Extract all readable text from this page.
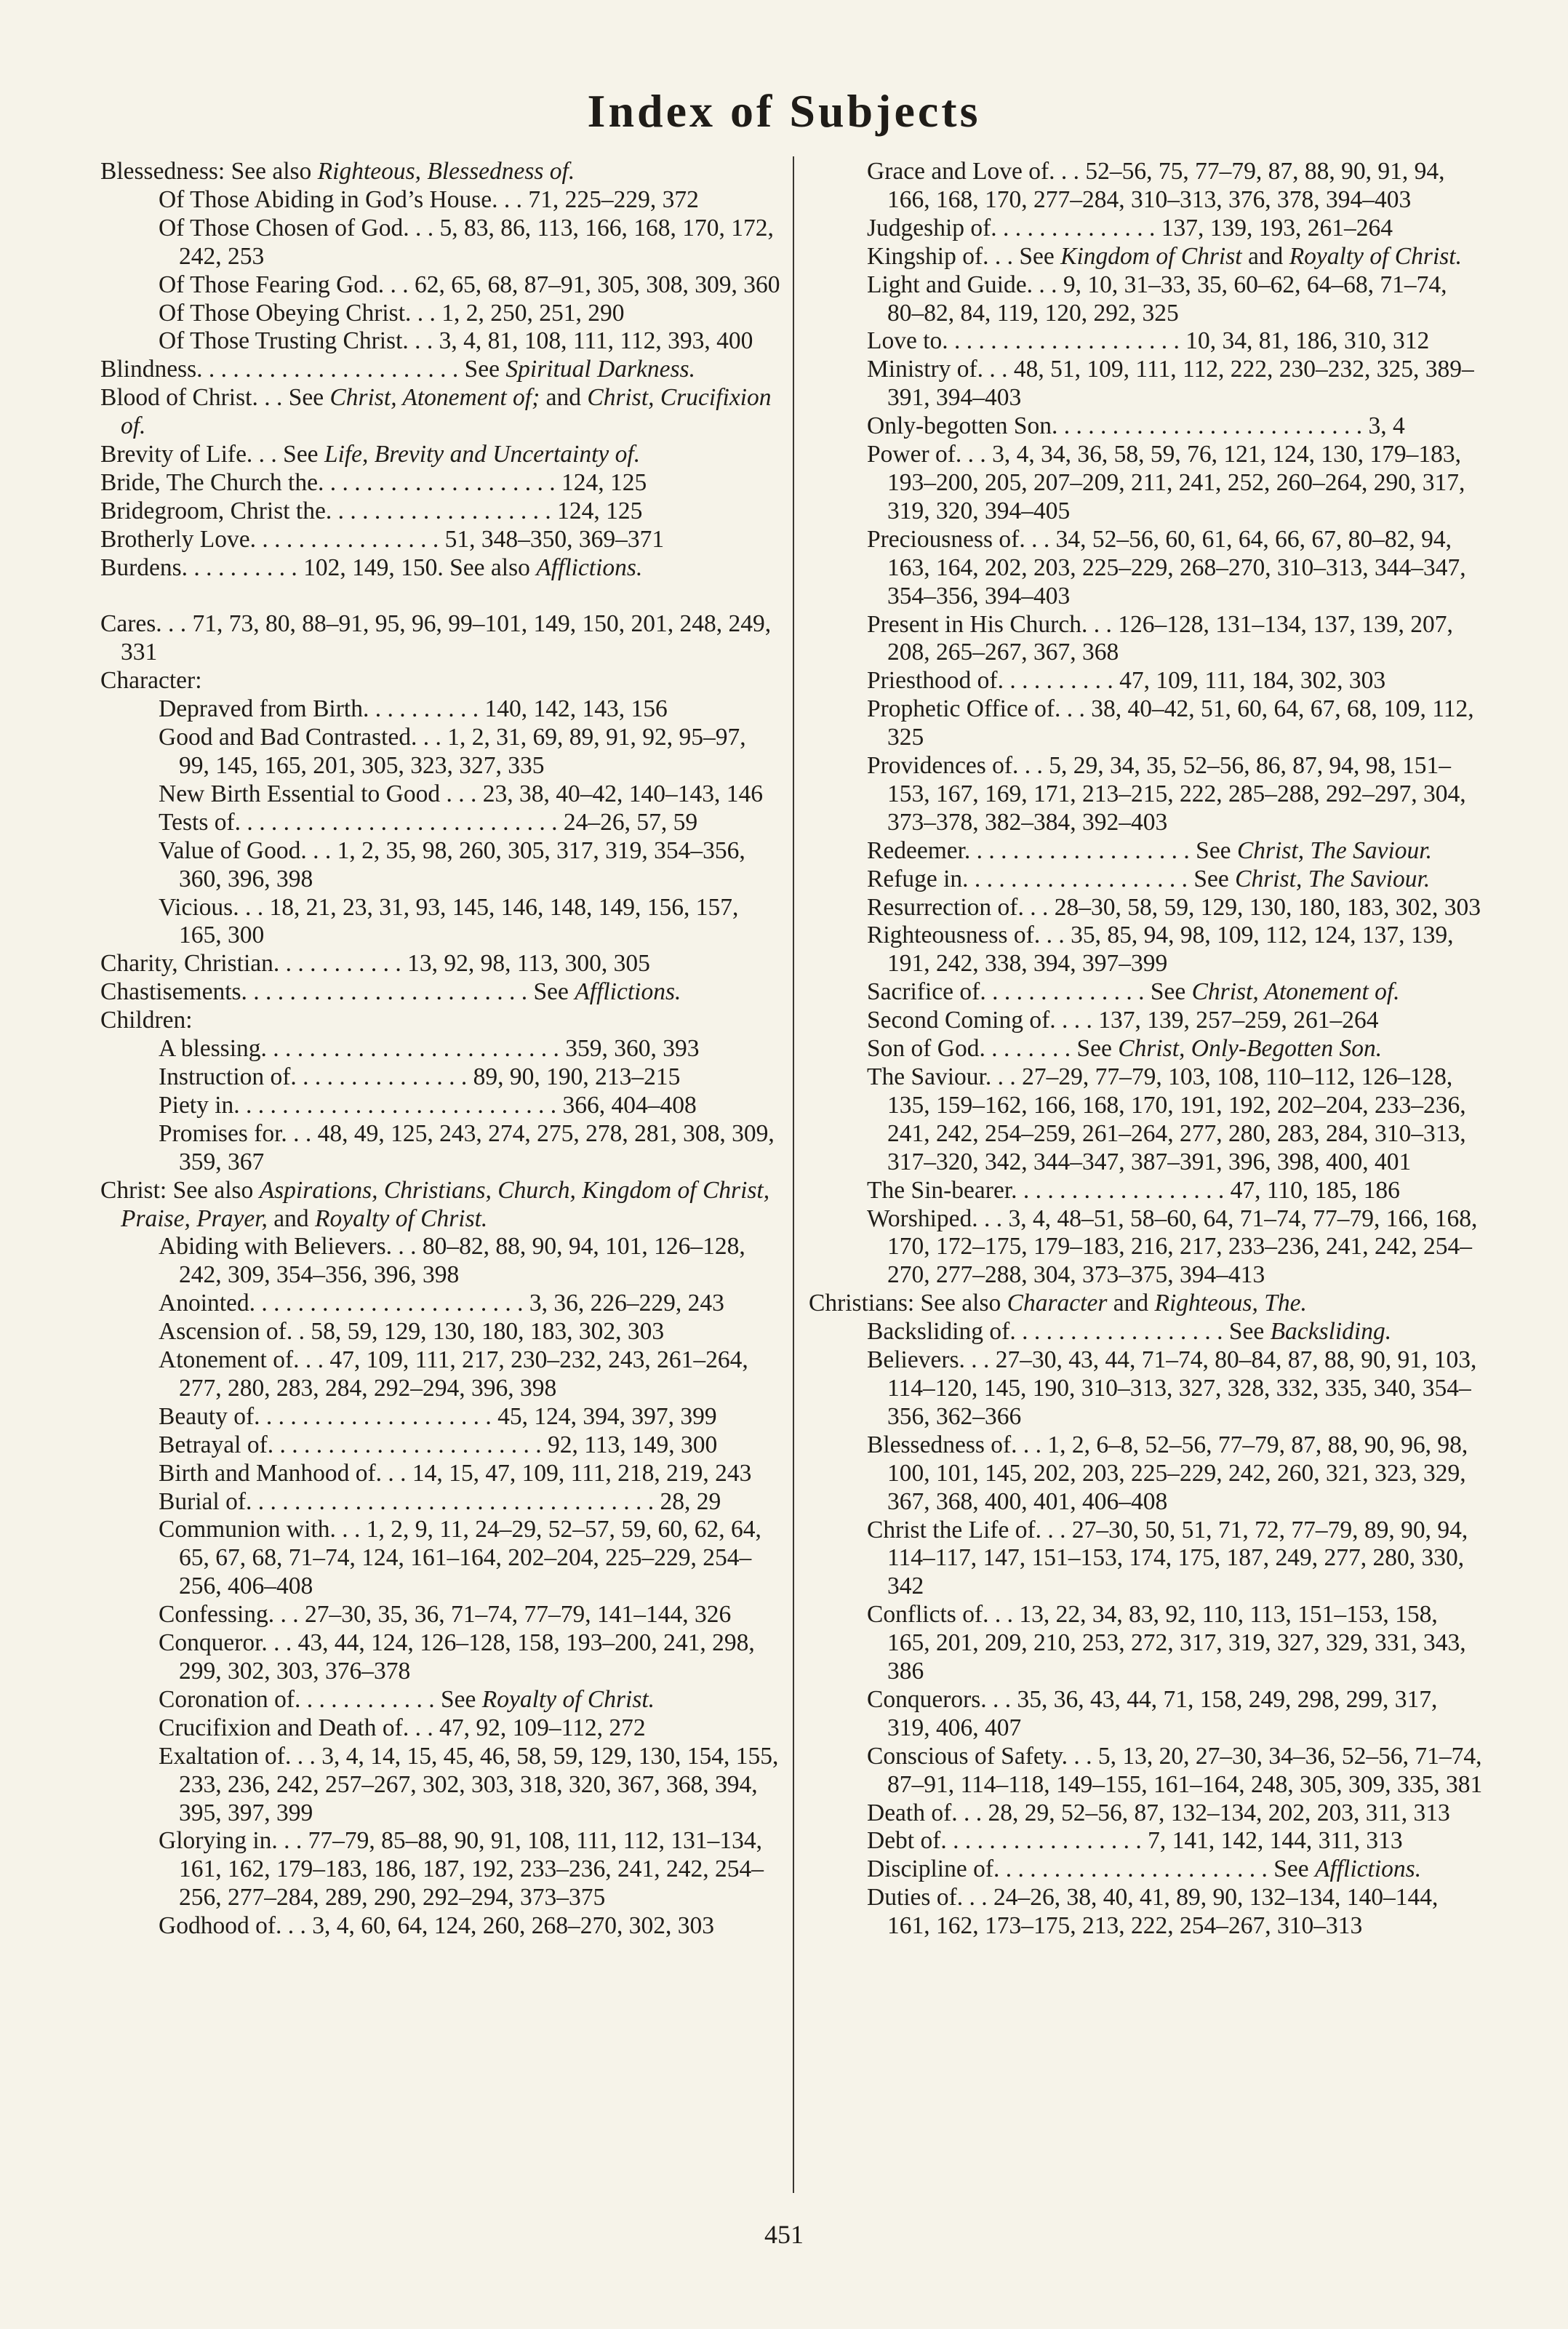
Index of Subjects

Blessedness: See also Righteous, Blessedness of.

Of Those Abiding in God’s House. . . 71, 225–229, 372

Of Those Chosen of God. . . 5, 83, 86, 113, 166, 168, 170, 172, 242, 253

Of Those Fearing God. . . 62, 65, 68, 87–91, 305, 308, 309, 360

Of Those Obeying Christ. . . 1, 2, 250, 251, 290

Of Those Trusting Christ. . . 3, 4, 81, 108, 111, 112, 393, 400

Blindness. . . . . . . . . . . . . . . . . . . . . . See Spiritual Darkness.

Blood of Christ. . . See Christ, Atonement of; and Christ, Crucifixion of.

Brevity of Life. . . See Life, Brevity and Uncertainty of.

Bride, The Church the. . . . . . . . . . . . . . . . . . . . 124, 125

Bridegroom, Christ the. . . . . . . . . . . . . . . . . . . 124, 125

Brotherly Love. . . . . . . . . . . . . . . . 51, 348–350, 369–371

Burdens. . . . . . . . . . 102, 149, 150. See also Afflictions.

Cares. . . 71, 73, 80, 88–91, 95, 96, 99–101, 149, 150, 201, 248, 249, 331

Character:

Depraved from Birth. . . . . . . . . . 140, 142, 143, 156

Good and Bad Contrasted. . . 1, 2, 31, 69, 89, 91, 92, 95–97, 99, 145, 165, 201, 305, 323, 327, 335

New Birth Essential to Good . . . 23, 38, 40–42, 140–143, 146

Tests of. . . . . . . . . . . . . . . . . . . . . . . . . . . 24–26, 57, 59

Value of Good. . . 1, 2, 35, 98, 260, 305, 317, 319, 354–356, 360, 396, 398

Vicious. . . 18, 21, 23, 31, 93, 145, 146, 148, 149, 156, 157, 165, 300

Charity, Christian. . . . . . . . . . . 13, 92, 98, 113, 300, 305

Chastisements. . . . . . . . . . . . . . . . . . . . . . . . See Afflictions.

Children:

A blessing. . . . . . . . . . . . . . . . . . . . . . . . . 359, 360, 393

Instruction of. . . . . . . . . . . . . . . 89, 90, 190, 213–215

Piety in. . . . . . . . . . . . . . . . . . . . . . . . . . . 366, 404–408

Promises for. . . 48, 49, 125, 243, 274, 275, 278, 281, 308, 309, 359, 367

Christ: See also Aspirations, Christians, Church, Kingdom of Christ, Praise, Prayer, and Royalty of Christ.

Abiding with Believers. . . 80–82, 88, 90, 94, 101, 126–128, 242, 309, 354–356, 396, 398

Anointed. . . . . . . . . . . . . . . . . . . . . . . 3, 36, 226–229, 243

Ascension of. . 58, 59, 129, 130, 180, 183, 302, 303

Atonement of. . . 47, 109, 111, 217, 230–232, 243, 261–264, 277, 280, 283, 284, 292–294, 396, 398

Beauty of. . . . . . . . . . . . . . . . . . . . 45, 124, 394, 397, 399

Betrayal of. . . . . . . . . . . . . . . . . . . . . . . 92, 113, 149, 300

Birth and Manhood of. . . 14, 15, 47, 109, 111, 218, 219, 243

Burial of. . . . . . . . . . . . . . . . . . . . . . . . . . . . . . . . . . 28, 29

Communion with. . . 1, 2, 9, 11, 24–29, 52–57, 59, 60, 62, 64, 65, 67, 68, 71–74, 124, 161–164, 202–204, 225–229, 254–256, 406–408

Confessing. . . 27–30, 35, 36, 71–74, 77–79, 141–144, 326

Conqueror. . . 43, 44, 124, 126–128, 158, 193–200, 241, 298, 299, 302, 303, 376–378

Coronation of. . . . . . . . . . . . See Royalty of Christ.

Crucifixion and Death of. . . 47, 92, 109–112, 272

Exaltation of. . . 3, 4, 14, 15, 45, 46, 58, 59, 129, 130, 154, 155, 233, 236, 242, 257–267, 302, 303, 318, 320, 367, 368, 394, 395, 397, 399

Glorying in. . . 77–79, 85–88, 90, 91, 108, 111, 112, 131–134, 161, 162, 179–183, 186, 187, 192, 233–236, 241, 242, 254–256, 277–284, 289, 290, 292–294, 373–375

Godhood of. . . 3, 4, 60, 64, 124, 260, 268–270, 302, 303

Grace and Love of. . . 52–56, 75, 77–79, 87, 88, 90, 91, 94, 166, 168, 170, 277–284, 310–313, 376, 378, 394–403

Judgeship of. . . . . . . . . . . . . . 137, 139, 193, 261–264

Kingship of. . . See Kingdom of Christ and Royalty of Christ.

Light and Guide. . . 9, 10, 31–33, 35, 60–62, 64–68, 71–74, 80–82, 84, 119, 120, 292, 325

Love to. . . . . . . . . . . . . . . . . . . . 10, 34, 81, 186, 310, 312

Ministry of. . . 48, 51, 109, 111, 112, 222, 230–232, 325, 389–391, 394–403

Only-begotten Son. . . . . . . . . . . . . . . . . . . . . . . . . . 3, 4

Power of. . . 3, 4, 34, 36, 58, 59, 76, 121, 124, 130, 179–183, 193–200, 205, 207–209, 211, 241, 252, 260–264, 290, 317, 319, 320, 394–405

Preciousness of. . . 34, 52–56, 60, 61, 64, 66, 67, 80–82, 94, 163, 164, 202, 203, 225–229, 268–270, 310–313, 344–347, 354–356, 394–403

Present in His Church. . . 126–128, 131–134, 137, 139, 207, 208, 265–267, 367, 368

Priesthood of. . . . . . . . . . 47, 109, 111, 184, 302, 303

Prophetic Office of. . . 38, 40–42, 51, 60, 64, 67, 68, 109, 112, 325

Providences of. . . 5, 29, 34, 35, 52–56, 86, 87, 94, 98, 151–153, 167, 169, 171, 213–215, 222, 285–288, 292–297, 304, 373–378, 382–384, 392–403

Redeemer. . . . . . . . . . . . . . . . . . . See Christ, The Saviour.

Refuge in. . . . . . . . . . . . . . . . . . . See Christ, The Saviour.

Resurrection of. . . 28–30, 58, 59, 129, 130, 180, 183, 302, 303

Righteousness of. . . 35, 85, 94, 98, 109, 112, 124, 137, 139, 191, 242, 338, 394, 397–399

Sacrifice of. . . . . . . . . . . . . . See Christ, Atonement of.

Second Coming of. . . . 137, 139, 257–259, 261–264

Son of God. . . . . . . . See Christ, Only-Begotten Son.

The Saviour. . . 27–29, 77–79, 103, 108, 110–112, 126–128, 135, 159–162, 166, 168, 170, 191, 192, 202–204, 233–236, 241, 242, 254–259, 261–264, 277, 280, 283, 284, 310–313, 317–320, 342, 344–347, 387–391, 396, 398, 400, 401

The Sin-bearer. . . . . . . . . . . . . . . . . . 47, 110, 185, 186

Worshiped. . . 3, 4, 48–51, 58–60, 64, 71–74, 77–79, 166, 168, 170, 172–175, 179–183, 216, 217, 233–236, 241, 242, 254–270, 277–288, 304, 373–375, 394–413

Christians: See also Character and Righteous, The.

Backsliding of. . . . . . . . . . . . . . . . . . See Backsliding.

Believers. . . 27–30, 43, 44, 71–74, 80–84, 87, 88, 90, 91, 103, 114–120, 145, 190, 310–313, 327, 328, 332, 335, 340, 354–356, 362–366

Blessedness of. . . 1, 2, 6–8, 52–56, 77–79, 87, 88, 90, 96, 98, 100, 101, 145, 202, 203, 225–229, 242, 260, 321, 323, 329, 367, 368, 400, 401, 406–408

Christ the Life of. . . 27–30, 50, 51, 71, 72, 77–79, 89, 90, 94, 114–117, 147, 151–153, 174, 175, 187, 249, 277, 280, 330, 342

Conflicts of. . . 13, 22, 34, 83, 92, 110, 113, 151–153, 158, 165, 201, 209, 210, 253, 272, 317, 319, 327, 329, 331, 343, 386

Conquerors. . . 35, 36, 43, 44, 71, 158, 249, 298, 299, 317, 319, 406, 407

Conscious of Safety. . . 5, 13, 20, 27–30, 34–36, 52–56, 71–74, 87–91, 114–118, 149–155, 161–164, 248, 305, 309, 335, 381

Death of. . . 28, 29, 52–56, 87, 132–134, 202, 203, 311, 313

Debt of. . . . . . . . . . . . . . . . . 7, 141, 142, 144, 311, 313

Discipline of. . . . . . . . . . . . . . . . . . . . . . . See Afflictions.

Duties of. . . 24–26, 38, 40, 41, 89, 90, 132–134, 140–144, 161, 162, 173–175, 213, 222, 254–267, 310–313

451
